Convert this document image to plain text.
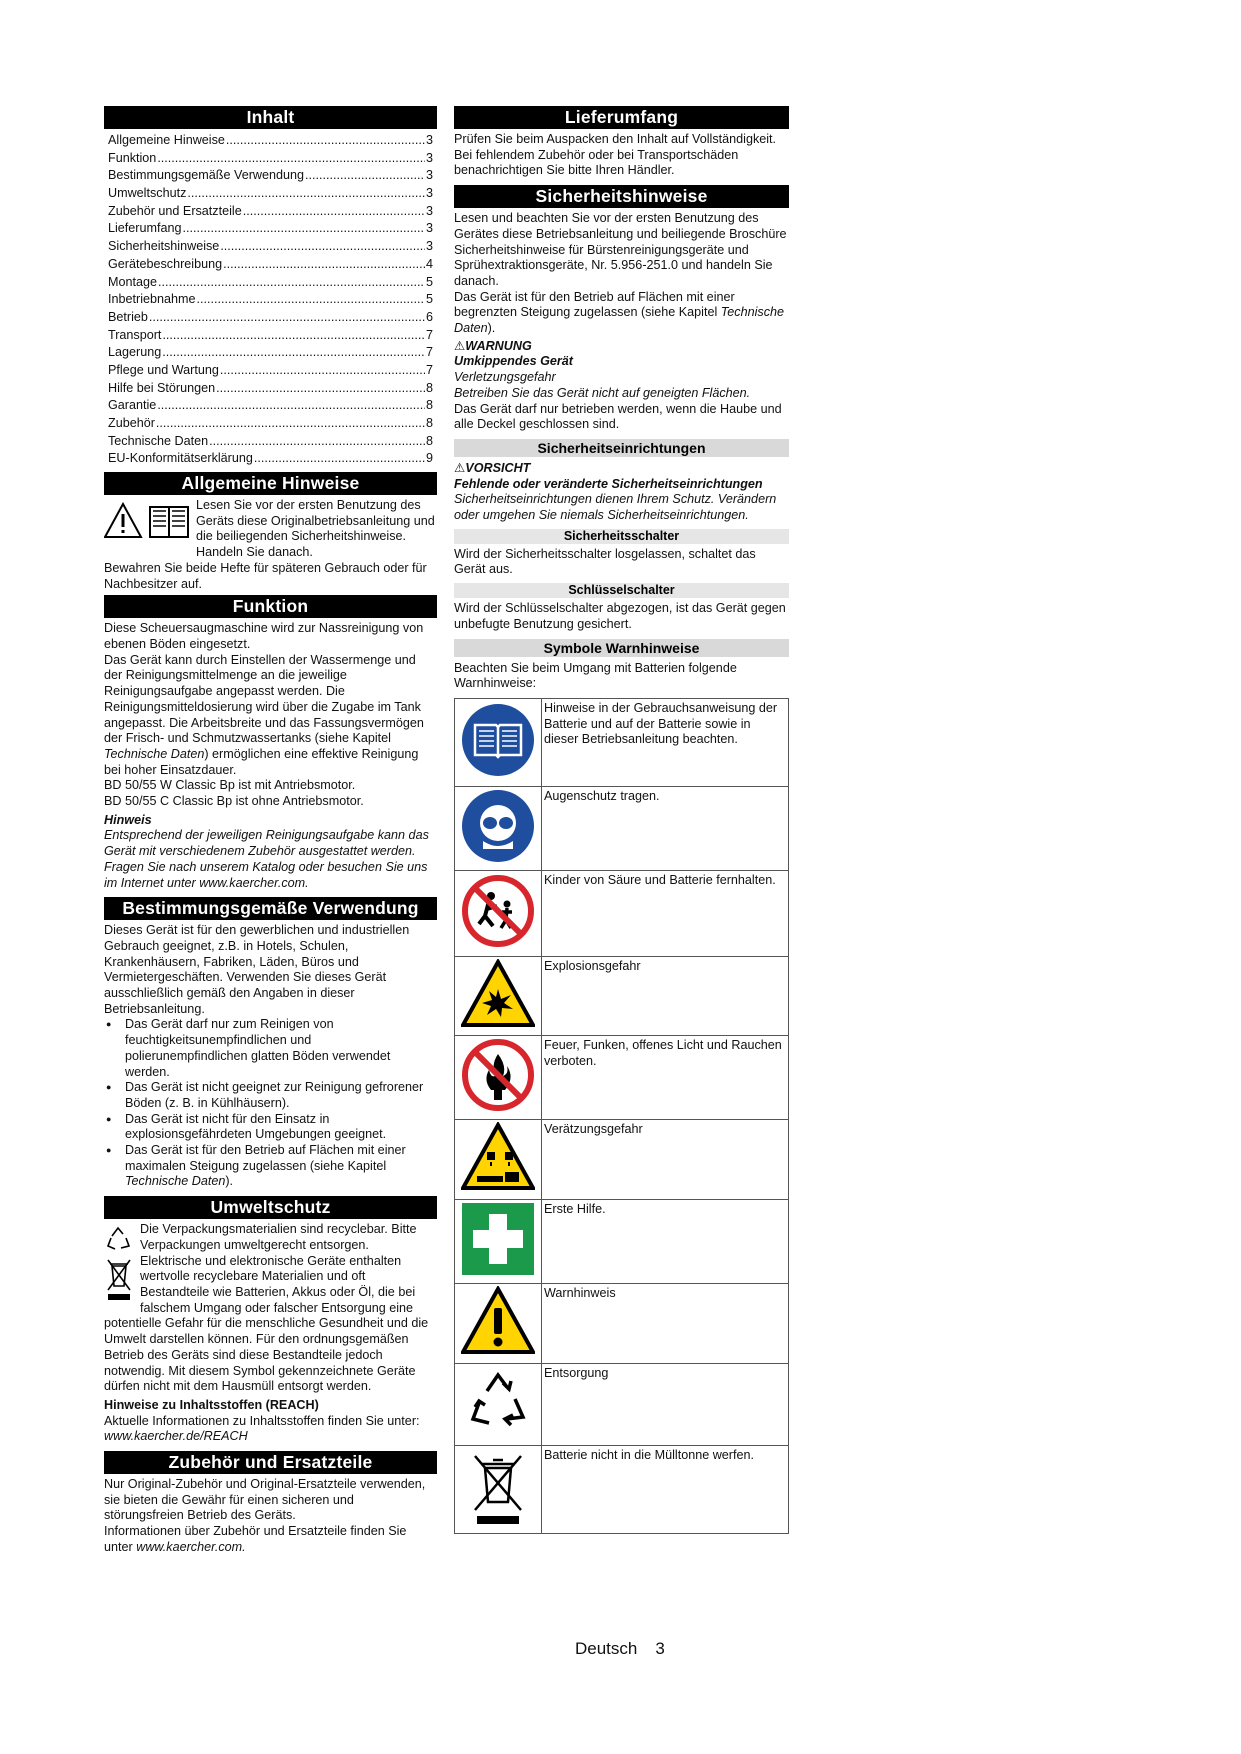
Inhalt
Allgemeine Hinweise .....	3
Funktion .....	3
Bestimmungsgemäße Verwendung .....	3
Umweltschutz .....	3
Zubehör und Ersatzteile .....	3
Lieferumfang .....	3
Sicherheitshinweise .....	3
Gerätebeschreibung .....	4
Montage .....	5
Inbetriebnahme .....	5
Betrieb .....	6
Transport .....	7
Lagerung .....	7
Pflege und Wartung .....	7
Hilfe bei Störungen .....	8
Garantie .....	8
Zubehör .....	8
Technische Daten .....	8
EU-Konformitätserklärung .....	9
Allgemeine Hinweise

Lesen Sie vor der ersten Benutzung des Geräts diese Originalbetriebsanleitung und die beiliegenden Sicherheitshinweise. Handeln Sie danach.

Bewahren Sie beide Hefte für späteren Gebrauch oder für Nachbesitzer auf.

Funktion

Diese Scheuersaugmaschine wird zur Nassreinigung von ebenen Böden eingesetzt.

Das Gerät kann durch Einstellen der Wassermenge und der Reinigungsmittelmenge an die jeweilige Reinigungsaufgabe angepasst werden. Die Reinigungsmitteldosierung wird über die Zugabe im Tank angepasst. Die Arbeitsbreite und das Fassungsvermögen der Frisch- und Schmutzwassertanks (siehe Kapitel Technische Daten) ermöglichen eine effektive Reinigung bei hoher Einsatzdauer.

BD 50/55 W Classic Bp ist mit Antriebsmotor.

BD 50/55 C Classic Bp ist ohne Antriebsmotor.

Hinweis

Entsprechend der jeweiligen Reinigungsaufgabe kann das Gerät mit verschiedenem Zubehör ausgestattet werden. Fragen Sie nach unserem Katalog oder besuchen Sie uns im Internet unter www.kaercher.com.

Bestimmungsgemäße Verwendung

Dieses Gerät ist für den gewerblichen und industriellen Gebrauch geeignet, z.B. in Hotels, Schulen, Krankenhäusern, Fabriken, Läden, Büros und Vermietergeschäften. Verwenden Sie dieses Gerät ausschließlich gemäß den Angaben in dieser Betriebsanleitung.

● Das Gerät darf nur zum Reinigen von feuchtigkeitsunempfindlichen und polierunempfindlichen glatten Böden verwendet werden.
● Das Gerät ist nicht geeignet zur Reinigung gefrorener Böden (z. B. in Kühlhäusern).
● Das Gerät ist nicht für den Einsatz in explosionsgefährdeten Umgebungen geeignet.
● Das Gerät ist für den Betrieb auf Flächen mit einer maximalen Steigung zugelassen (siehe Kapitel Technische Daten).
Umweltschutz

Die Verpackungsmaterialien sind recyclebar. Bitte Verpackungen umweltgerecht entsorgen.

Elektrische und elektronische Geräte enthalten wertvolle recyclebare Materialien und oft Bestandteile wie Batterien, Akkus oder Öl, die bei falschem Umgang oder falscher Entsorgung eine potentielle Gefahr für die menschliche Gesundheit und die Umwelt darstellen können. Für den ordnungsgemäßen Betrieb des Geräts sind diese Bestandteile jedoch notwendig. Mit diesem Symbol gekennzeichnete Geräte dürfen nicht mit dem Hausmüll entsorgt werden.

Hinweise zu Inhaltsstoffen (REACH)

Aktuelle Informationen zu Inhaltsstoffen finden Sie unter: www.kaercher.de/REACH

Zubehör und Ersatzteile

Nur Original-Zubehör und Original-Ersatzteile verwenden, sie bieten die Gewähr für einen sicheren und störungsfreien Betrieb des Geräts.

Informationen über Zubehör und Ersatzteile finden Sie unter www.kaercher.com.

Lieferumfang

Prüfen Sie beim Auspacken den Inhalt auf Vollständigkeit. Bei fehlendem Zubehör oder bei Transportschäden benachrichtigen Sie bitte Ihren Händler.

Sicherheitshinweise

Lesen und beachten Sie vor der ersten Benutzung des Gerätes diese Betriebsanleitung und beiliegende Broschüre Sicherheitshinweise für Bürstenreinigungsgeräte und Sprühextraktionsgeräte, Nr. 5.956-251.0 und handeln Sie danach.

Das Gerät ist für den Betrieb auf Flächen mit einer begrenzten Steigung zugelassen (siehe Kapitel Technische Daten).

⚠WARNUNG

Umkippendes Gerät

Verletzungsgefahr

Betreiben Sie das Gerät nicht auf geneigten Flächen.

Das Gerät darf nur betrieben werden, wenn die Haube und alle Deckel geschlossen sind.

Sicherheitseinrichtungen

⚠VORSICHT

Fehlende oder veränderte Sicherheitseinrichtungen

Sicherheitseinrichtungen dienen Ihrem Schutz. Verändern oder umgehen Sie niemals Sicherheitseinrichtungen.

Sicherheitsschalter

Wird der Sicherheitsschalter losgelassen, schaltet das Gerät aus.

Schlüsselschalter

Wird der Schlüsselschalter abgezogen, ist das Gerät gegen unbefugte Benutzung gesichert.

Symbole Warnhinweise

Beachten Sie beim Umgang mit Batterien folgende Warnhinweise:

	Hinweise in der Gebrauchsanweisung der Batterie und auf der Batterie sowie in dieser Betriebsanleitung beachten.
	Augenschutz tragen.
	Kinder von Säure und Batterie fernhalten.
	Explosionsgefahr
	Feuer, Funken, offenes Licht und Rauchen verboten.
	Verätzungsgefahr
	Erste Hilfe.
	Warnhinweis
	Entsorgung
	Batterie nicht in die Mülltonne werfen.
Deutsch 3
